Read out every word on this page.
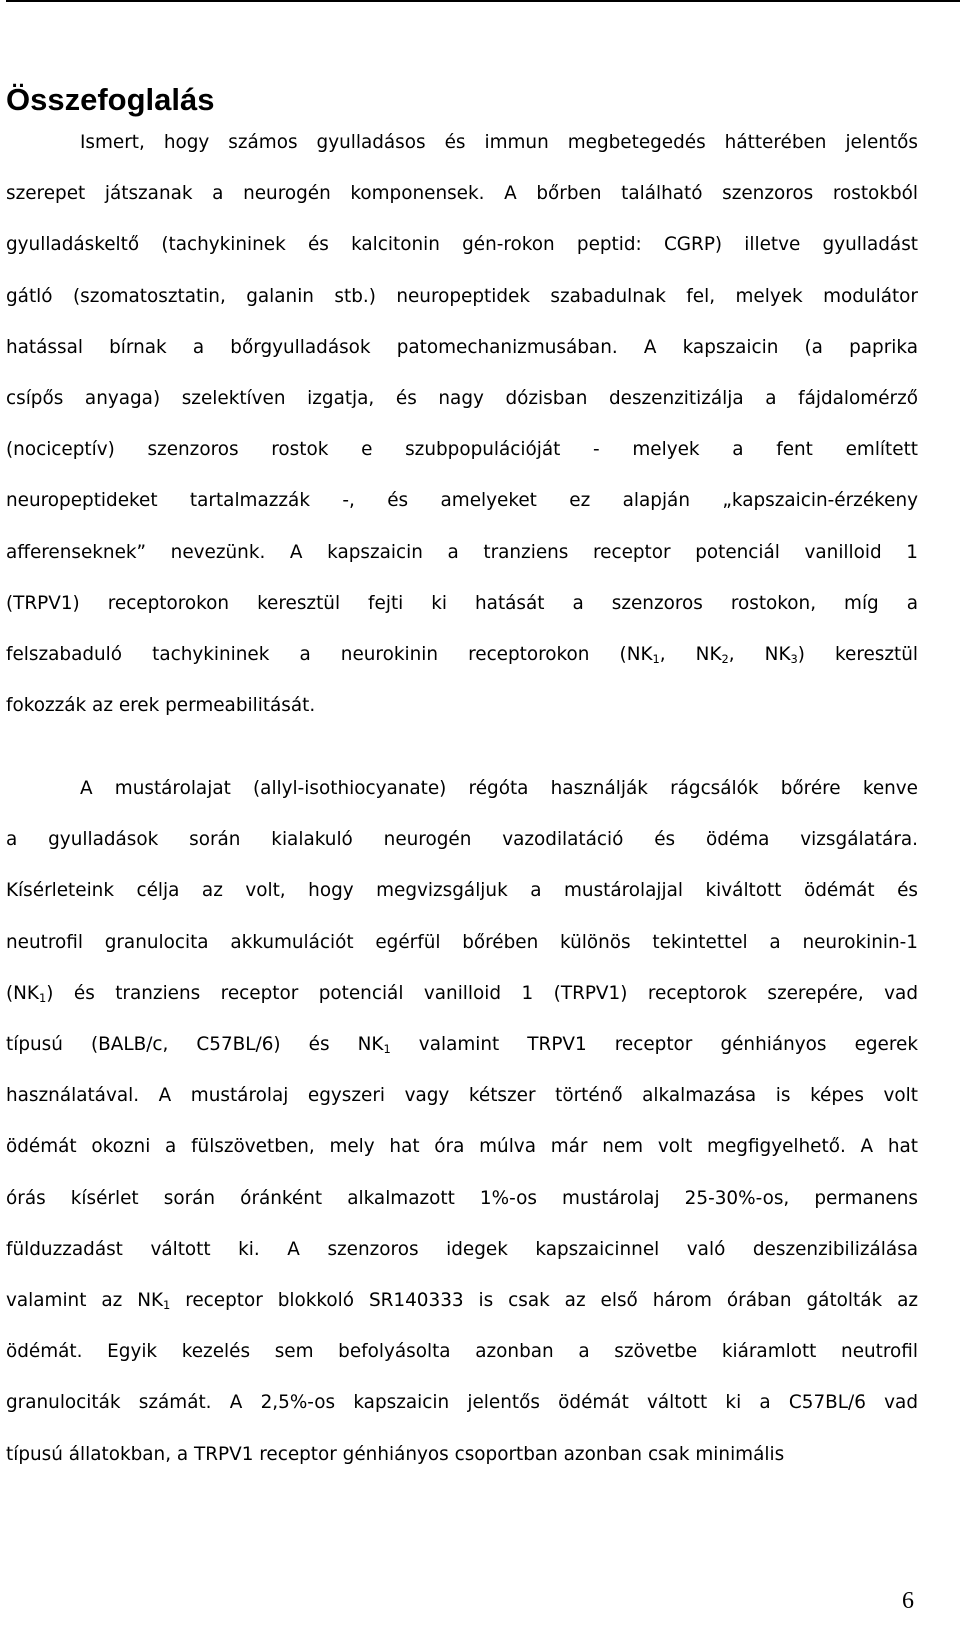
Összefoglalás
Ismert, hogy számos gyulladásos és immun megbetegedés hátterében jelentős
szerepet játszanak a neurogén komponensek. A bőrben található szenzoros rostokból
gyulladáskeltő (tachykininek és kalcitonin gén-rokon peptid: CGRP) illetve gyulladást
gátló (szomatosztatin, galanin stb.) neuropeptidek szabadulnak fel, melyek modulátor
hatással bírnak a bőrgyulladások patomechanizmusában. A kapszaicin (a paprika
csípős anyaga) szelektíven izgatja, és nagy dózisban deszenzitizálja a fájdalomérző
(nociceptív) szenzoros rostok e szubpopulációját - melyek a fent említett
neuropeptideket tartalmazzák -, és amelyeket ez alapján „kapszaicin-érzékeny
afferenseknek” nevezünk. A kapszaicin a tranziens receptor potenciál vanilloid 1
(TRPV1) receptorokon keresztül fejti ki hatását a szenzoros rostokon, míg a
felszabaduló tachykininek a neurokinin receptorokon ($NK_1$, $NK_2$, $NK_3$) keresztül
fokozzák az erek permeabilitását.
A mustárolajat (allyl-isothiocyanate) régóta használják rágcsálók bőrére kenve
a gyulladások során kialakuló neurogén vazodilatáció és ödéma vizsgálatára.
Kísérleteink célja az volt, hogy megvizsgáljuk a mustárolajjal kiváltott ödémát és
neutrofil granulocita akkumulációt egérfül bőrében különös tekintettel a neurokinin-1
$(NK_1)$ és tranziens receptor potenciál vanilloid 1 (TRPV1) receptorok szerepére, vad
típusú (BALB/c, C57BL/6) és $NK_1$ valamint TRPV1 receptor génhiányos egerek
használatával. A mustárolaj egyszeri vagy kétszer történő alkalmazása is képes volt
ödémát okozni a fülszövetben, mely hat óra múlva már nem volt megfigyelhető. A hat
órás kísérlet során óránként alkalmazott 1%-os mustárolaj 25-30%-os, permanens
fülduzzadást váltott ki. A szenzoros idegek kapszaicinnel való deszenzibilizálása
valamint az $NK_1$ receptor blokkoló SR140333 is csak az első három órában gátolták az
ödémát. Egyik kezelés sem befolyásolta azonban a szövetbe kiáramlott neutrofil
granulociták számát. A 2,5%-os kapszaicin jelentős ödémát váltott ki a C57BL/6 vad
típusú állatokban, a TRPV1 receptor génhiányos csoportban azonban csak minimális
6
